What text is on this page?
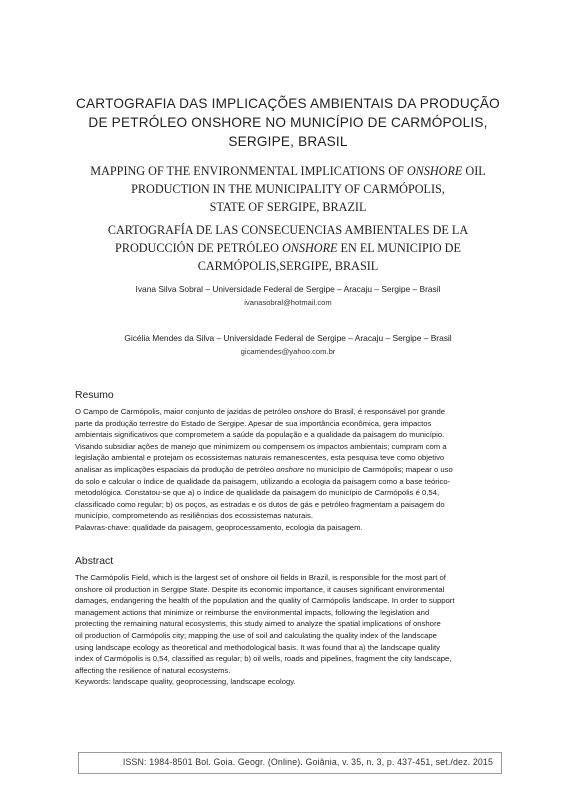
CARTOGRAFIA DAS IMPLICAÇÕES AMBIENTAIS DA PRODUÇÃO
DE PETRÓLEO ONSHORE NO MUNICÍPIO DE CARMÓPOLIS,
SERGIPE, BRASIL
MAPPING OF THE ENVIRONMENTAL IMPLICATIONS OF ONSHORE OIL
PRODUCTION IN THE MUNICIPALITY OF CARMÓPOLIS,
STATE OF SERGIPE, BRAZIL
CARTOGRAFÍA DE LAS CONSECUENCIAS AMBIENTALES DE LA
PRODUCCIÓN DE PETRÓLEO ONSHORE EN EL MUNICIPIO DE
CARMÓPOLIS,SERGIPE, BRASIL
Ivana Silva Sobral – Universidade Federal de Sergipe – Aracaju – Sergipe – Brasil
ivanasobral@hotmail.com
Gicélia Mendes da Silva – Universidade Federal de Sergipe – Aracaju – Sergipe – Brasil
gicamendes@yahoo.com.br
Resumo
O Campo de Carmópolis, maior conjunto de jazidas de petróleo onshore do Brasil, é responsável por grande
parte da produção terrestre do Estado de Sergipe. Apesar de sua importância econômica, gera impactos
ambientais significativos que comprometem a saúde da população e a qualidade da paisagem do município.
Visando subsidiar ações de manejo que minimizem ou compensem os impactos ambientais; cumpram com a
legislação ambiental e protejam os ecossistemas naturais remanescentes, esta pesquisa teve como objetivo
analisar as implicações espaciais da produção de petróleo onshore no município de Carmópolis; mapear o uso
do solo e calcular o índice de qualidade da paisagem, utilizando a ecologia da paisagem como a base teórico-
metodológica. Constatou-se que a) o índice de qualidade da paisagem do município de Carmópolis é 0,54,
classificado como regular; b) os poços, as estradas e os dutos de gás e petróleo fragmentam a paisagem do
município, comprometendo as resiliências dos ecossistemas naturais.
Palavras-chave: qualidade da paisagem, geoprocessamento, ecologia da paisagem.
Abstract
The Carmópolis Field, which is the largest set of onshore oil fields in Brazil, is responsible for the most part of
onshore oil production in Sergipe State. Despite its economic importance, it causes significant environmental
damages, endangering the health of the population and the quality of Carmópolis landscape. In order to support
management actions that minimize or reimburse the environmental impacts, following the legislation and
protecting the remaining natural ecosystems, this study aimed to analyze the spatial implications of onshore
oil production of Carmópolis city; mapping the use of soil and calculating the quality index of the landscape
using landscape ecology as theoretical and methodological basis. It was found that a) the landscape quality
index of Carmópolis is 0,54, classified as regular; b) oil wells, roads and pipelines, fragment the city landscape,
affecting the resilience of natural ecosystems.
Keywords: landscape quality, geoprocessing, landscape ecology.
ISSN: 1984-8501 Bol. Goia. Geogr. (Online). Goiânia, v. 35, n. 3, p. 437-451, set./dez. 2015
